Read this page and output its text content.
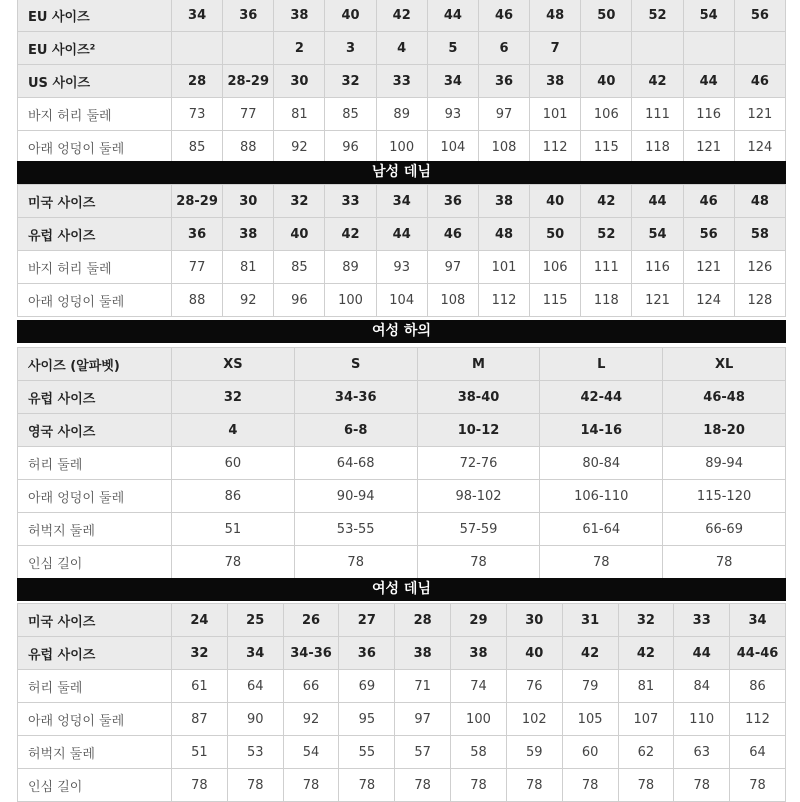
EU 사이즈	34	36	38	40	42	44	46	48	50	52	54	56
EU 사이즈²			2	3	4	5	6	7				
US 사이즈	28	28-29	30	32	33	34	36	38	40	42	44	46
바지 허리 둘레	73	77	81	85	89	93	97	101	106	111	116	121
아래 엉덩이 둘레	85	88	92	96	100	104	108	112	115	118	121	124
남성 데님
미국 사이즈	28-29	30	32	33	34	36	38	40	42	44	46	48
유럽 사이즈	36	38	40	42	44	46	48	50	52	54	56	58
바지 허리 둘레	77	81	85	89	93	97	101	106	111	116	121	126
아래 엉덩이 둘레	88	92	96	100	104	108	112	115	118	121	124	128
여성 하의
사이즈 (알파벳)	XS	S	M	L	XL
유럽 사이즈	32	34-36	38-40	42-44	46-48
영국 사이즈	4	6-8	10-12	14-16	18-20
허리 둘레	60	64-68	72-76	80-84	89-94
아래 엉덩이 둘레	86	90-94	98-102	106-110	115-120
허벅지 둘레	51	53-55	57-59	61-64	66-69
인심 길이	78	78	78	78	78
여성 데님
미국 사이즈	24	25	26	27	28	29	30	31	32	33	34
유럽 사이즈	32	34	34-36	36	38	38	40	42	42	44	44-46
허리 둘레	61	64	66	69	71	74	76	79	81	84	86
아래 엉덩이 둘레	87	90	92	95	97	100	102	105	107	110	112
허벅지 둘레	51	53	54	55	57	58	59	60	62	63	64
인심 길이	78	78	78	78	78	78	78	78	78	78	78
